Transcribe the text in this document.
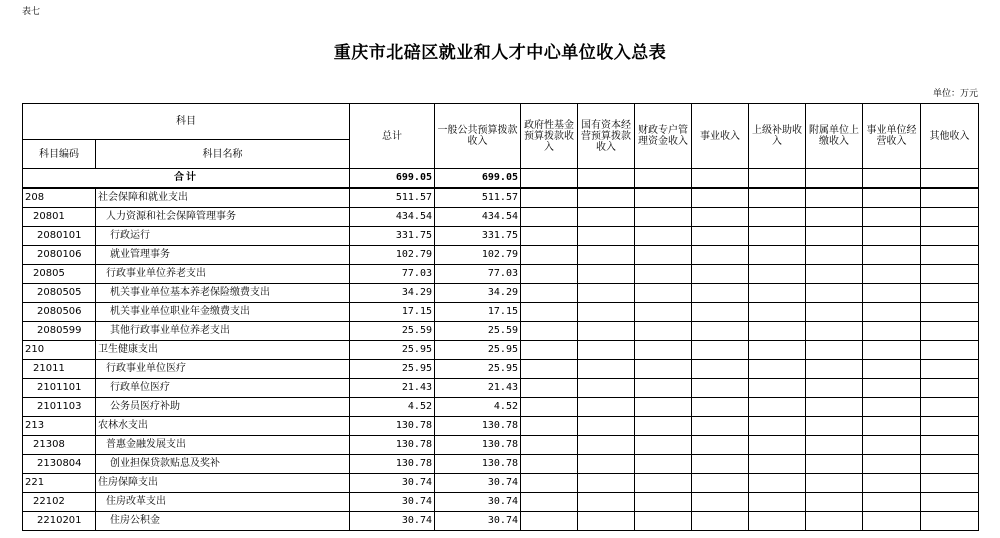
表七
重庆市北碚区就业和人才中心单位收入总表
单位：万元
科目		总计	一般公共预算拨款收入	政府性基金预算拨款收入	国有资本经营预算拨款收入	财政专户管理资金收入	事业收入	上级补助收入	附属单位上缴收入	事业单位经营收入	其他收入
科目编码	科目名称										
合计		699.05	699.05								
208	社会保障和就业支出	511.57	511.57								
20801	人力资源和社会保障管理事务	434.54	434.54								
2080101	行政运行	331.75	331.75								
2080106	就业管理事务	102.79	102.79								
20805	行政事业单位养老支出	77.03	77.03								
2080505	机关事业单位基本养老保险缴费支出	34.29	34.29								
2080506	机关事业单位职业年金缴费支出	17.15	17.15								
2080599	其他行政事业单位养老支出	25.59	25.59								
210	卫生健康支出	25.95	25.95								
21011	行政事业单位医疗	25.95	25.95								
2101101	行政单位医疗	21.43	21.43								
2101103	公务员医疗补助	4.52	4.52								
213	农林水支出	130.78	130.78								
21308	普惠金融发展支出	130.78	130.78								
2130804	创业担保贷款贴息及奖补	130.78	130.78								
221	住房保障支出	30.74	30.74								
22102	住房改革支出	30.74	30.74								
2210201	住房公积金	30.74	30.74								
